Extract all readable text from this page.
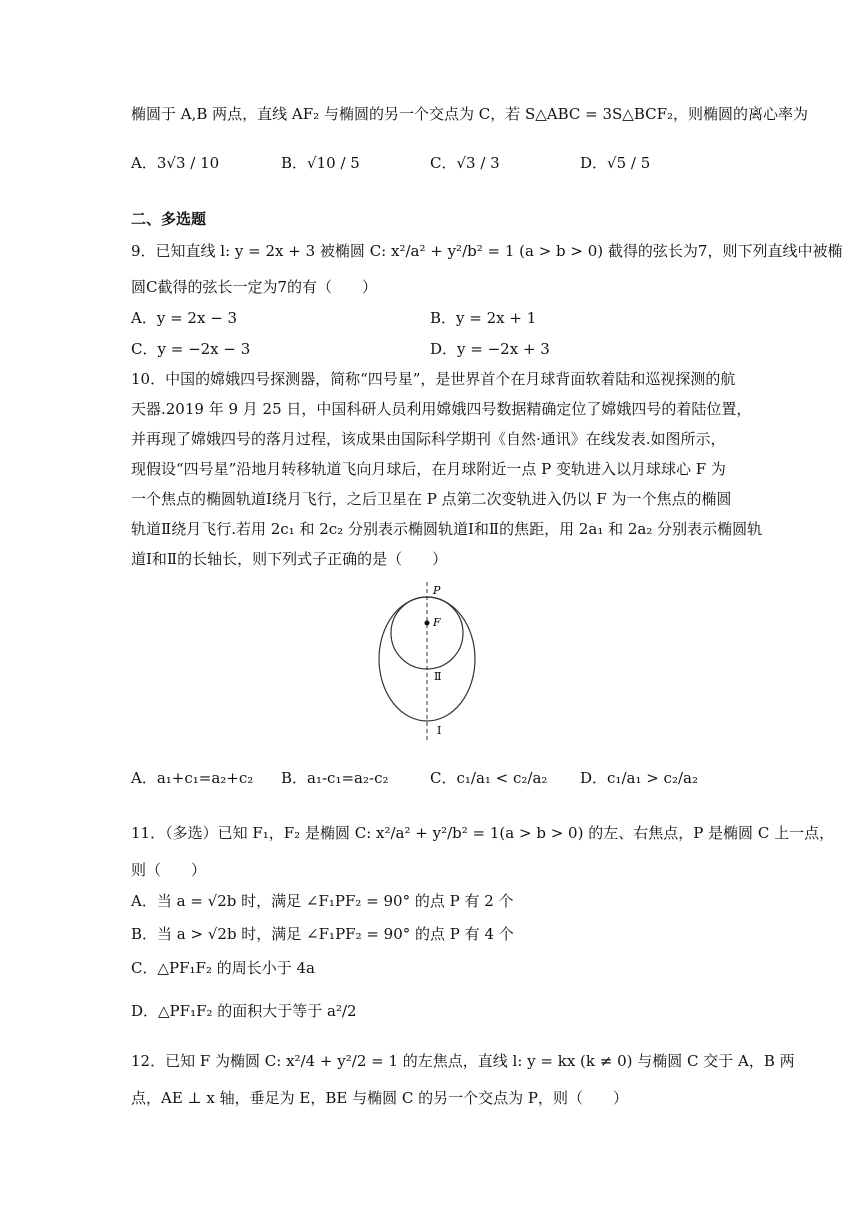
椭圆于 A,B 两点，直线 AF₂ 与椭圆的另一个交点为 C，若 S△ABC = 3S△BCF₂，则椭圆的离心率为
A．3√3 / 10	B．√10 / 5	C．√3 / 3	D．√5 / 5
二、多选题
9．已知直线 l: y = 2x + 3 被椭圆 C: x²/a² + y²/b² = 1 (a > b > 0) 截得的弦长为7，则下列直线中被椭
圆C截得的弦长一定为7的有（　　）
A．y = 2x − 3	B．y = 2x + 1
C．y = −2x − 3	D．y = −2x + 3
10．中国的嫦娥四号探测器，简称“四号星”，是世界首个在月球背面软着陆和巡视探测的航
天器.2019 年 9 月 25 日，中国科研人员利用嫦娥四号数据精确定位了嫦娥四号的着陆位置，
并再现了嫦娥四号的落月过程，该成果由国际科学期刊《自然·通讯》在线发表.如图所示，
现假设“四号星”沿地月转移轨道飞向月球后，在月球附近一点 P 变轨进入以月球球心 F 为
一个焦点的椭圆轨道Ⅰ绕月飞行，之后卫星在 P 点第二次变轨进入仍以 F 为一个焦点的椭圆
轨道Ⅱ绕月飞行.若用 2c₁ 和 2c₂ 分别表示椭圆轨道Ⅰ和Ⅱ的焦距，用 2a₁ 和 2a₂ 分别表示椭圆轨
道Ⅰ和Ⅱ的长轴长，则下列式子正确的是（　　）
P
F
Ⅱ
Ⅰ
A．a₁+c₁=a₂+c₂ B．a₁-c₁=a₂-c₂	C．c₁/a₁ < c₂/a₂ D．c₁/a₁ > c₂/a₂
11．（多选）已知 F₁，F₂ 是椭圆 C: x²/a² + y²/b² = 1(a > b > 0) 的左、右焦点，P 是椭圆 C 上一点，
则（　　）
A．当 a = √2b 时，满足 ∠F₁PF₂ = 90° 的点 P 有 2 个
B．当 a > √2b 时，满足 ∠F₁PF₂ = 90° 的点 P 有 4 个
C．△PF₁F₂ 的周长小于 4a
D．△PF₁F₂ 的面积大于等于 a²/2
12．已知 F 为椭圆 C: x²/4 + y²/2 = 1 的左焦点，直线 l: y = kx (k ≠ 0) 与椭圆 C 交于 A，B 两
点，AE ⊥ x 轴，垂足为 E，BE 与椭圆 C 的另一个交点为 P，则（　　）
